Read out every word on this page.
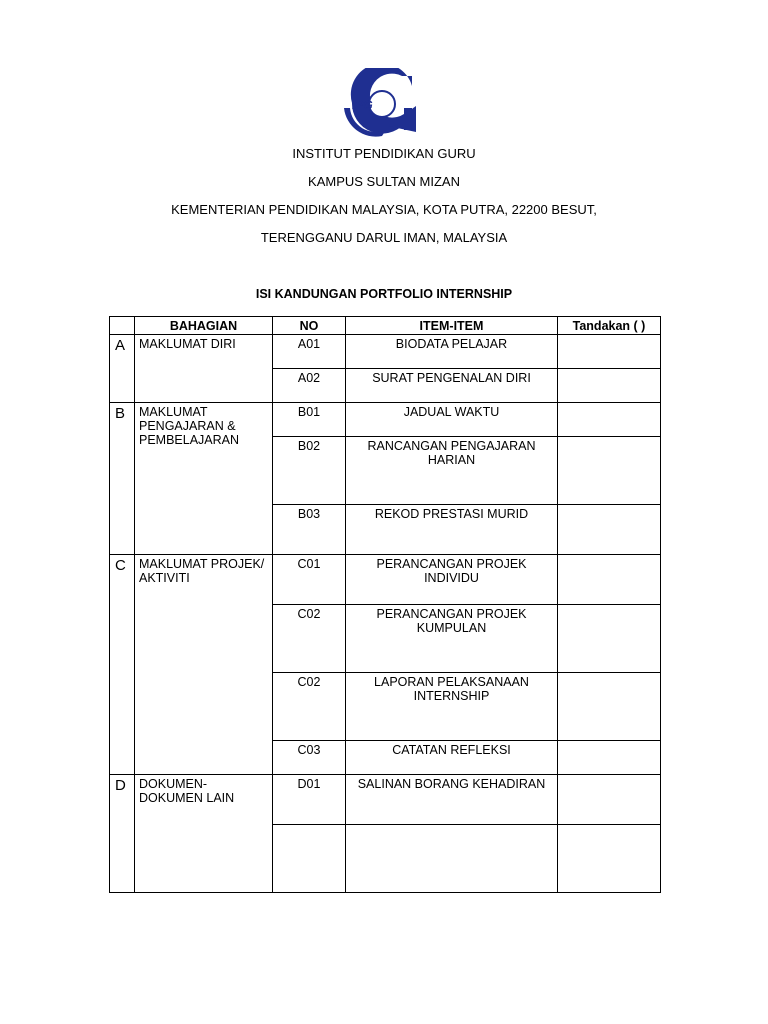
IPG
INSTITUT PENDIDIKAN GURU
KAMPUS SULTAN MIZAN
KEMENTERIAN PENDIDIKAN MALAYSIA, KOTA PUTRA, 22200 BESUT,
TERENGGANU DARUL IMAN, MALAYSIA
ISI KANDUNGAN PORTFOLIO INTERNSHIP
	BAHAGIAN	NO	ITEM-ITEM	Tandakan ( )
A	MAKLUMAT DIRI	A01	BIODATA PELAJAR	
		A02	SURAT PENGENALAN DIRI	
B	MAKLUMAT PENGAJARAN & PEMBELAJARAN	B01	JADUAL WAKTU	
		B02	RANCANGAN PENGAJARAN HARIAN	
		B03	REKOD PRESTASI MURID	
C	MAKLUMAT PROJEK/ AKTIVITI	C01	PERANCANGAN PROJEK INDIVIDU	
		C02	PERANCANGAN PROJEK KUMPULAN	
		C02	LAPORAN PELAKSANAAN INTERNSHIP	
		C03	CATATAN REFLEKSI	
D	DOKUMEN-DOKUMEN LAIN	D01	SALINAN BORANG KEHADIRAN	
